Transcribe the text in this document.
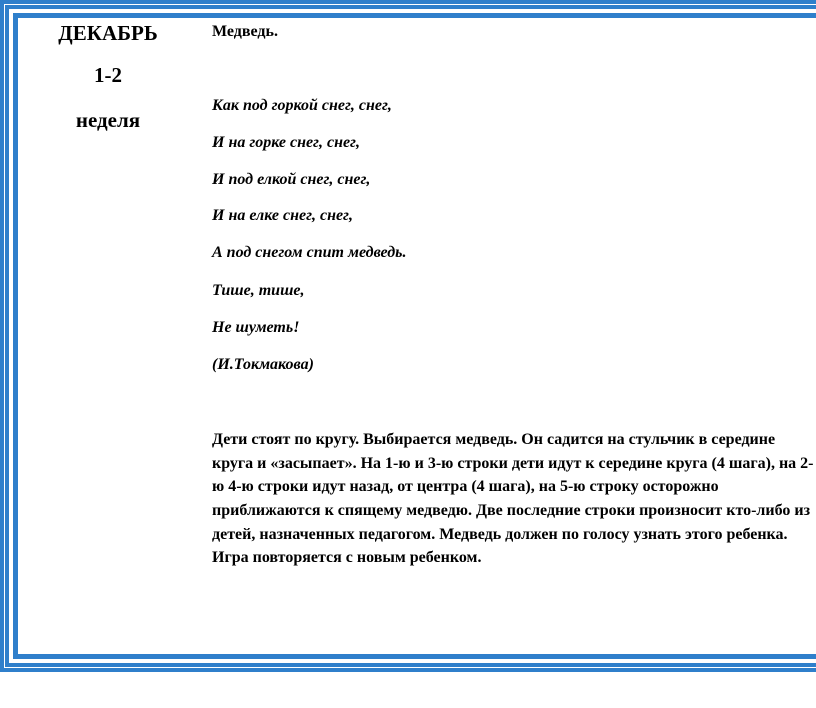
ДЕКАБРЬ
1-2
неделя
Медведь.
Как под горкой снег, снег,
И на горке снег, снег,
И под елкой снег, снег,
И на елке снег, снег,
А под снегом спит медведь.
Тише, тише,
Не шуметь!
(И.Токмакова)
Дети стоят по кругу. Выбирается медведь. Он садится на стульчик в середине
круга и «засыпает». На 1-ю и 3-ю строки дети идут к середине круга (4 шага), на 2-
ю 4-ю строки идут назад, от центра (4 шага), на 5-ю строку осторожно
приближаются к спящему медведю. Две последние строки произносит кто-либо из
детей, назначенных педагогом. Медведь должен по голосу узнать этого ребенка.
Игра повторяется с новым ребенком.
